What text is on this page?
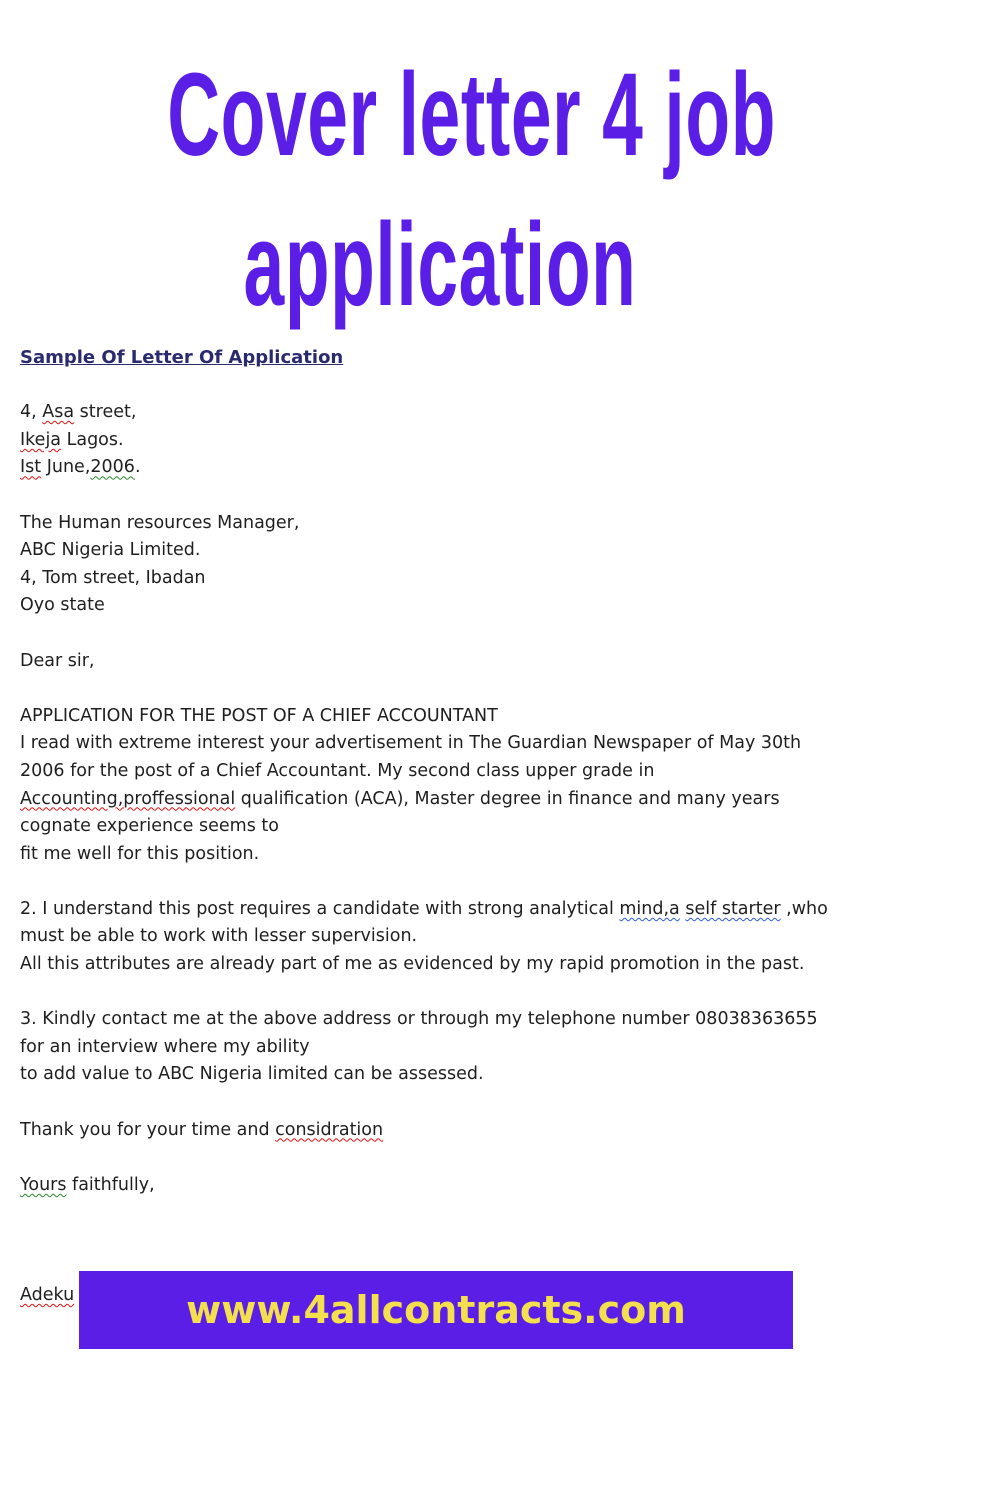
Cover letter 4 job
application
Sample Of Letter Of Application
4, Asa street,
Ikeja Lagos.
Ist June,2006.
The Human resources Manager,
ABC Nigeria Limited.
4, Tom street, Ibadan
Oyo state
Dear sir,
APPLICATION FOR THE POST OF A CHIEF ACCOUNTANT
I read with extreme interest your advertisement in The Guardian Newspaper of May 30th
2006 for the post of a Chief Accountant. My second class upper grade in
Accounting,proffessional qualification (ACA), Master degree in finance and many years
cognate experience seems to
fit me well for this position.
2. I understand this post requires a candidate with strong analytical mind,a self starter ,who
must be able to work with lesser supervision.
All this attributes are already part of me as evidenced by my rapid promotion in the past.
3. Kindly contact me at the above address or through my telephone number 08038363655
for an interview where my ability
to add value to ABC Nigeria limited can be assessed.
Thank you for your time and considration
Yours faithfully,
Adeku	www.4allcontracts.com
